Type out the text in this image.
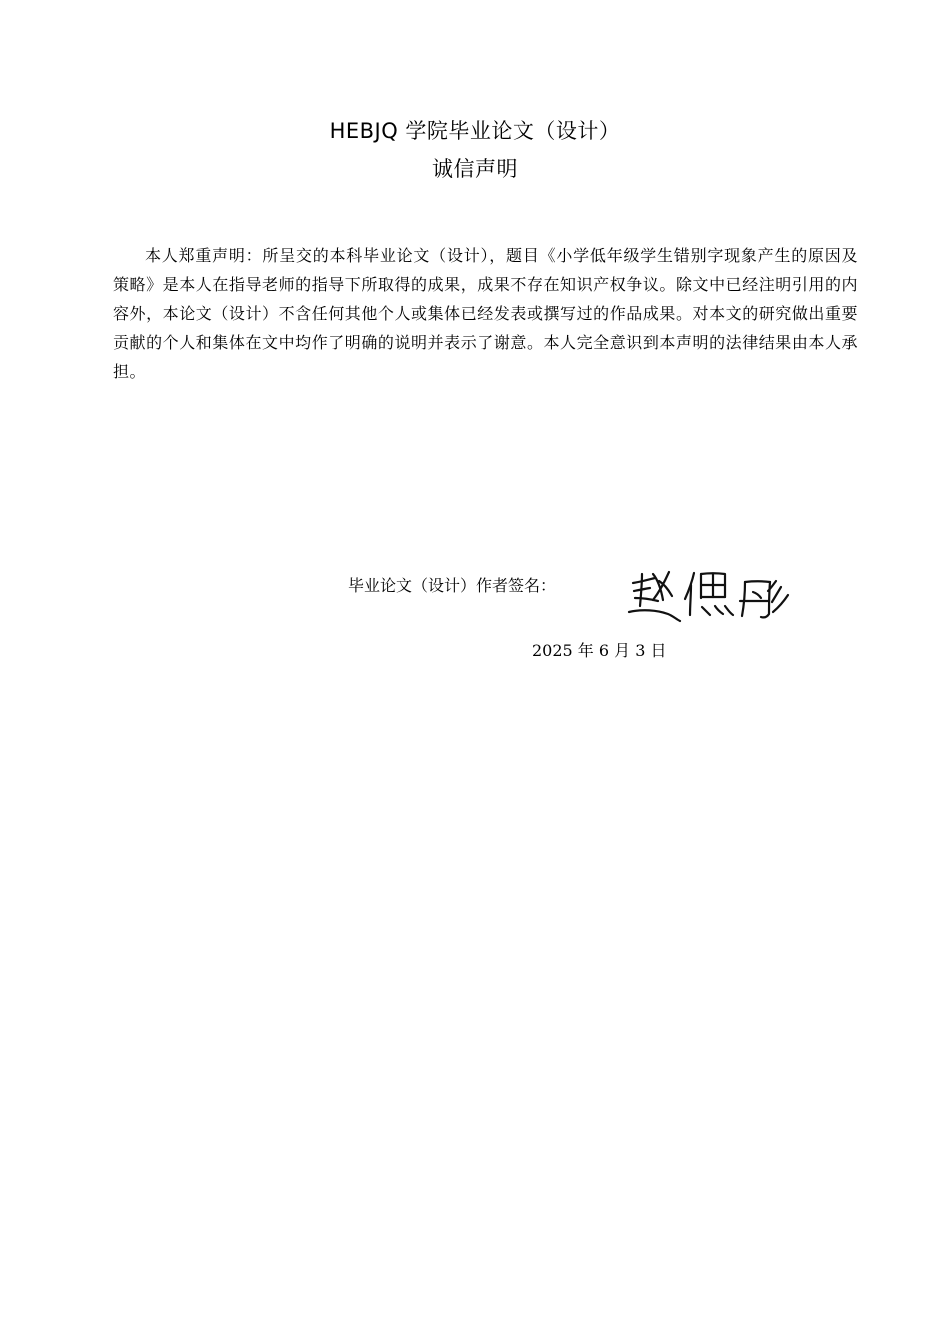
HEBJQ 学院毕业论文（设计）
诚信声明
本人郑重声明：所呈交的本科毕业论文（设计），题目《小学低年级学生错别字现象产生的原因及策略》是本人在指导老师的指导下所取得的成果，成果不存在知识产权争议。除文中已经注明引用的内容外，本论文（设计）不含任何其他个人或集体已经发表或撰写过的作品成果。对本文的研究做出重要贡献的个人和集体在文中均作了明确的说明并表示了谢意。本人完全意识到本声明的法律结果由本人承担。
毕业论文（设计）作者签名：
2025 年 6 月 3 日
